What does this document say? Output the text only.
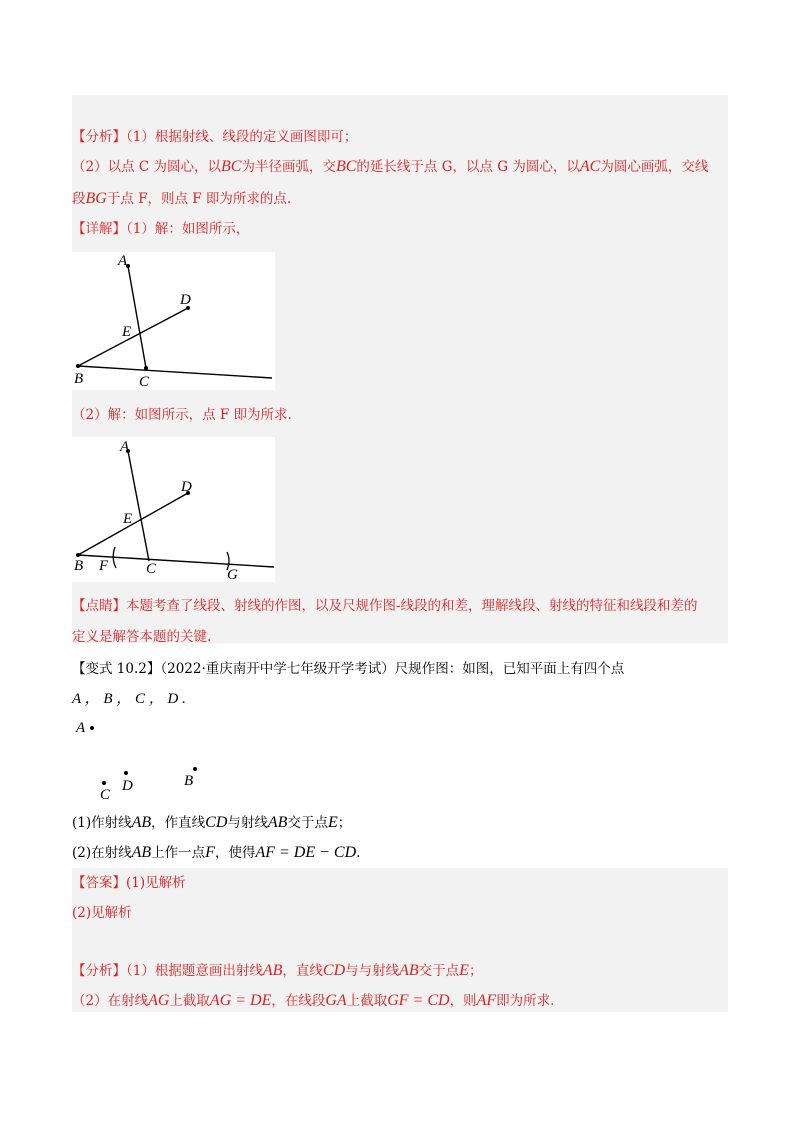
【分析】（1）根据射线、线段的定义画图即可；
（2）以点 C 为圆心，以BC为半径画弧，交BC的延长线于点 G，以点 G 为圆心，以AC为圆心画弧，交线
段BG于点 F，则点 F 即为所求的点.
【详解】（1）解：如图所示，
A
D
E
B	C
（2）解：如图所示，点 F 即为所求.
A
D
E
B F	C	G
【点睛】本题考查了线段、射线的作图，以及尺规作图-线段的和差，理解线段、射线的特征和线段和差的
定义是解答本题的关键.
【变式 10.2】（2022·重庆南开中学七年级开学考试）尺规作图：如图，已知平面上有四个点
A ， B ， C ， D .
A
C
D	B
(1)作射线AB，作直线CD与射线AB交于点E；
(2)在射线AB上作一点F，使得AF = DE − CD.
【答案】(1)见解析
(2)见解析
【分析】（1）根据题意画出射线AB，直线CD与与射线AB交于点E；
（2）在射线AG上截取AG = DE，在线段GA上截取GF = CD，则AF即为所求.
